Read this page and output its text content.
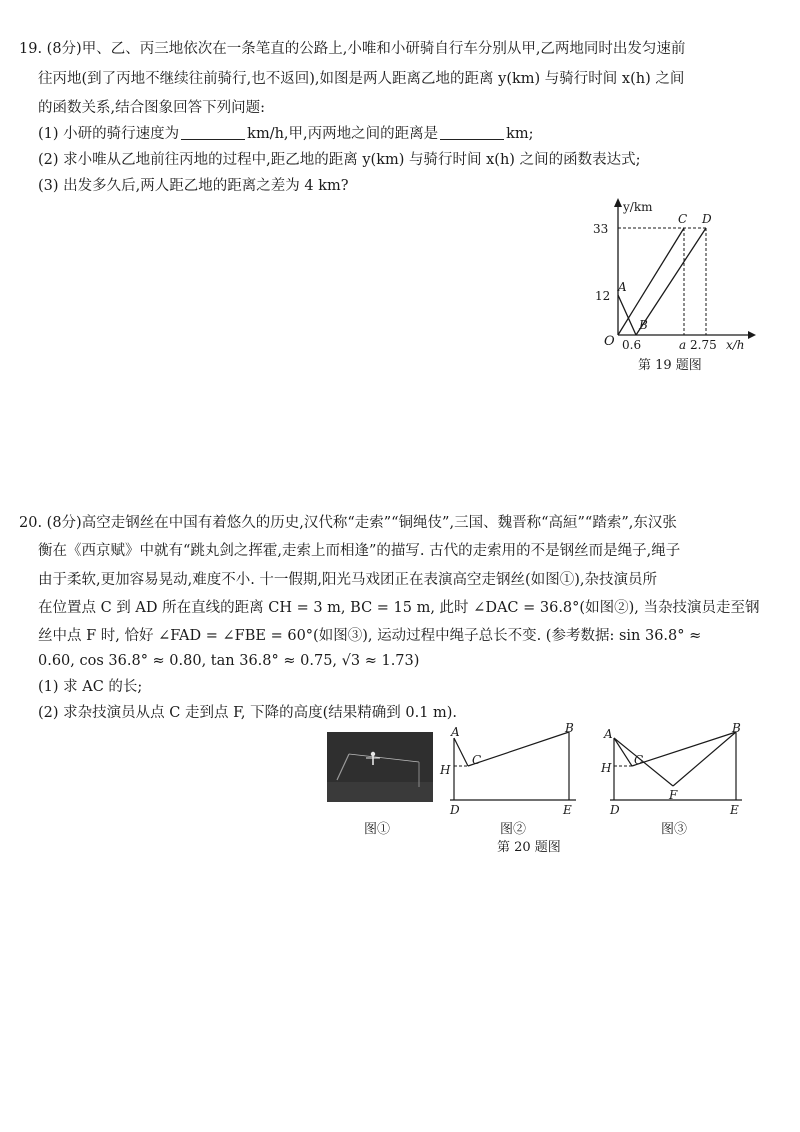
19. (8分)甲、乙、丙三地依次在一条笔直的公路上,小唯和小研骑自行车分别从甲,乙两地同时出发匀速前
往丙地(到了丙地不继续往前骑行,也不返回),如图是两人距离乙地的距离 y(km) 与骑行时间 x(h) 之间
的函数关系,结合图象回答下列问题:
(1) 小研的骑行速度为	km/h,甲,丙两地之间的距离是	km;
(2) 求小唯从乙地前往丙地的过程中,距乙地的距离 y(km) 与骑行时间 x(h) 之间的函数表达式;
(3) 出发多久后,两人距乙地的距离之差为 4 km?
y/km
33
12
O 0.6	a 2.75 x/h
A
B
C D
第 19 题图
20. (8分)高空走钢丝在中国有着悠久的历史,汉代称“走索”“铜绳伎”,三国、魏晋称“高絙”“踏索”,东汉张
衡在《西京赋》中就有“跳丸剑之挥霍,走索上而相逢”的描写. 古代的走索用的不是钢丝而是绳子,绳子
由于柔软,更加容易晃动,难度不小. 十一假期,阳光马戏团正在表演高空走钢丝(如图①),杂技演员所
在位置点 C 到 AD 所在直线的距离 CH = 3 m, BC = 15 m, 此时 ∠DAC = 36.8°(如图②), 当杂技演员走至钢
丝中点 F 时, 恰好 ∠FAD = ∠FBE = 60°(如图③), 运动过程中绳子总长不变. (参考数据: sin 36.8° ≈
0.60, cos 36.8° ≈ 0.80, tan 36.8° ≈ 0.75, √3 ≈ 1.73)
(1) 求 AC 的长;
(2) 求杂技演员从点 C 走到点 F, 下降的高度(结果精确到 0.1 m).
图①
A	B
C
H
D	E
图②
A	B
C
F
H
D	E
图③
第 20 题图
